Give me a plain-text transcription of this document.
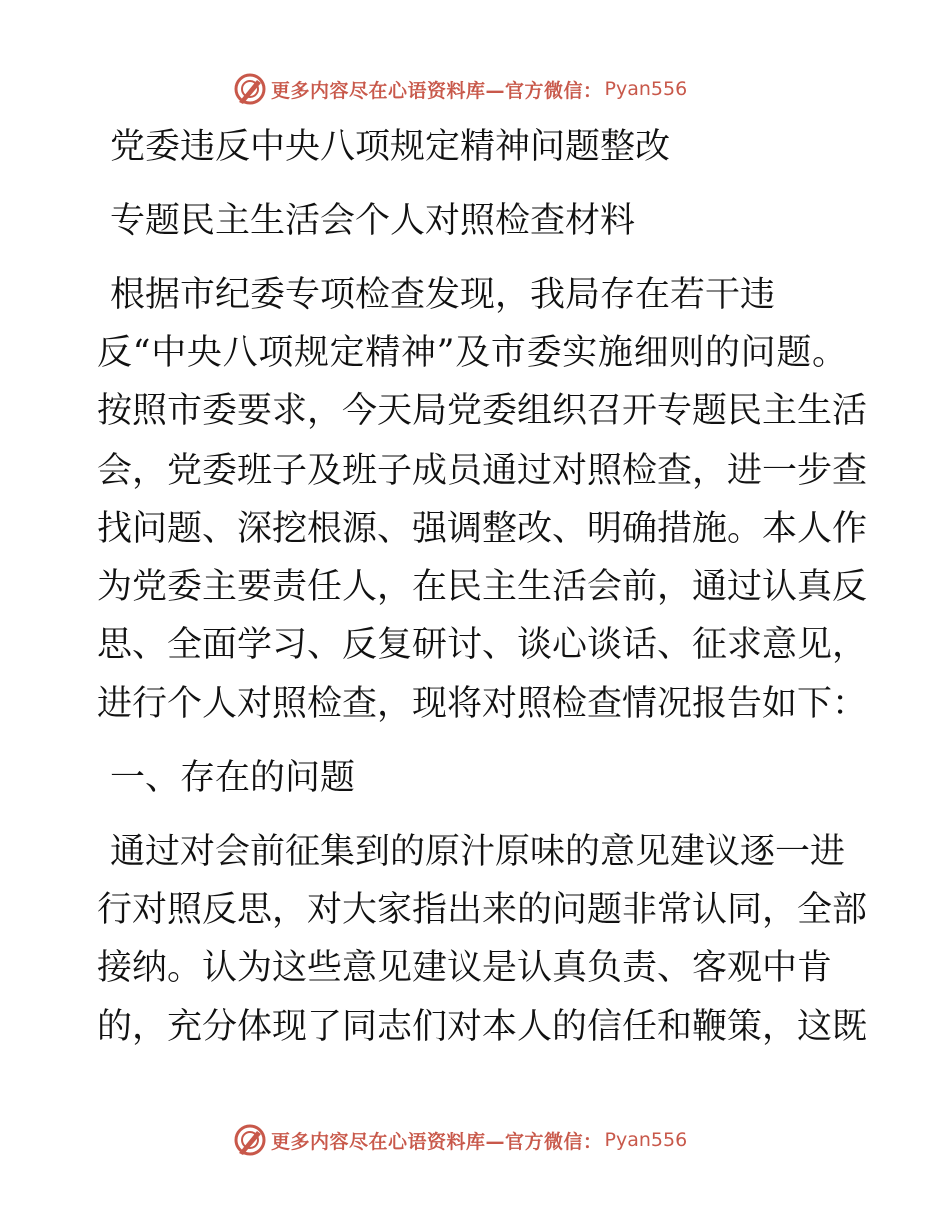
更多内容尽在心语资料库—官方微信： Pyan556
党委违反中央八项规定精神问题整改
专题民主生活会个人对照检查材料
根据市纪委专项检查发现，我局存在若干违
反“中央八项规定精神”及市委实施细则的问题。
按照市委要求，今天局党委组织召开专题民主生活
会，党委班子及班子成员通过对照检查，进一步查
找问题、深挖根源、强调整改、明确措施。本人作
为党委主要责任人，在民主生活会前，通过认真反
思、全面学习、反复研讨、谈心谈话、征求意见，
进行个人对照检查，现将对照检查情况报告如下：
一、存在的问题
通过对会前征集到的原汁原味的意见建议逐一进
行对照反思，对大家指出来的问题非常认同，全部
接纳。认为这些意见建议是认真负责、客观中肯
的，充分体现了同志们对本人的信任和鞭策，这既
更多内容尽在心语资料库—官方微信： Pyan556
